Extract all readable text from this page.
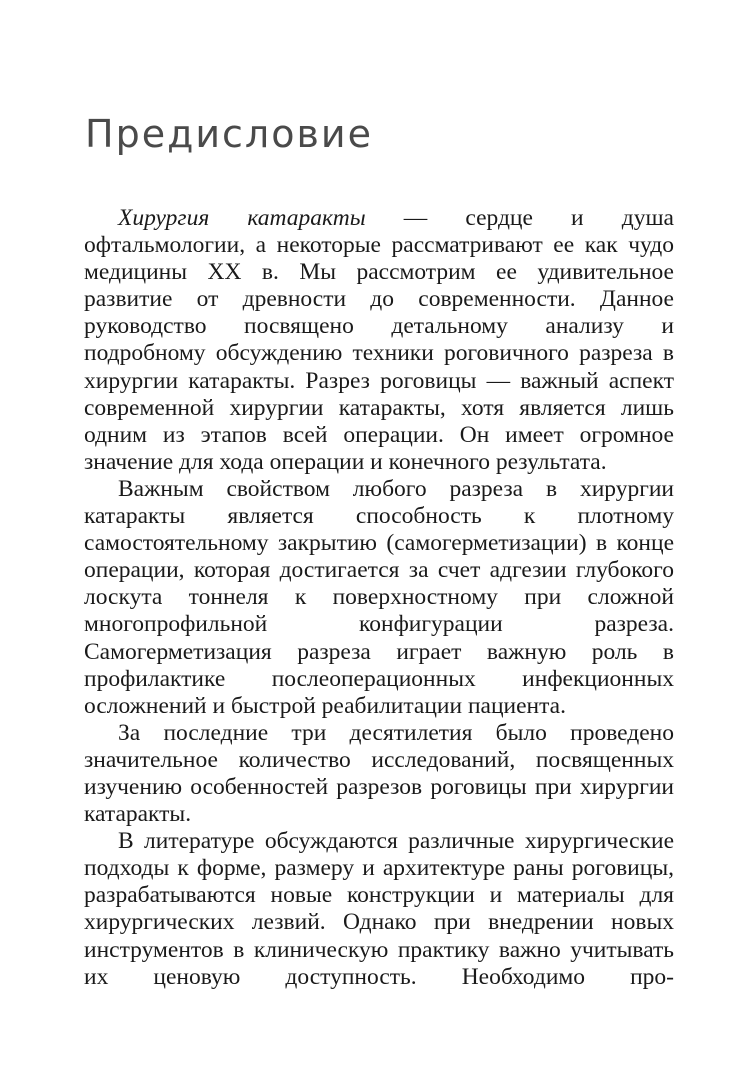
Предисловие

Хирургия катаракты — сердце и душа офтальмологии, а некоторые рассматривают ее как чудо медицины XX в. Мы рассмотрим ее удивительное развитие от древности до современности. Данное руководство посвящено детальному анализу и подробному обсуждению техники роговичного разреза в хирургии катаракты. Разрез роговицы — важный аспект современной хирургии катаракты, хотя является лишь одним из этапов всей операции. Он имеет огромное значение для хода операции и конечного результата.

Важным свойством любого разреза в хирургии катаракты является способность к плотному самостоятельному закрытию (самогерметизации) в конце операции, которая достигается за счет адгезии глубокого лоскута тоннеля к поверхностному при сложной многопрофильной конфигурации разреза. Самогерметизация разреза играет важную роль в профилактике послеоперационных инфекционных осложнений и быстрой реабилитации пациента.

За последние три десятилетия было проведено значительное количество исследований, посвященных изучению особенностей разрезов роговицы при хирургии катаракты.

В литературе обсуждаются различные хирургические подходы к форме, размеру и архитектуре раны роговицы, разрабатываются новые конструкции и материалы для хирургических лезвий. Однако при внедрении новых инструментов в клиническую практику важно учитывать их ценовую доступность. Необходимо про-
